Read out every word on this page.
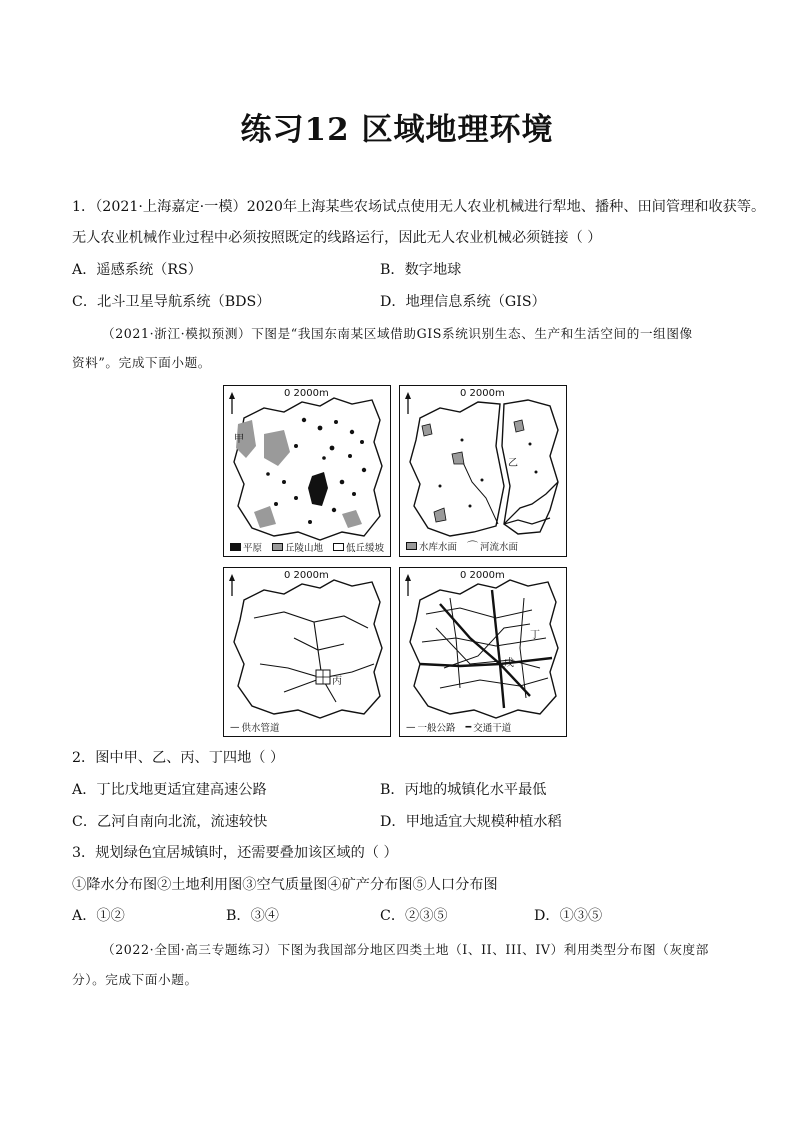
练习12 区域地理环境
1．（2021·上海嘉定·一模）2020年上海某些农场试点使用无人农业机械进行犁地、播种、田间管理和收获等。
无人农业机械作业过程中必须按照既定的线路运行，因此无人农业机械必须链接（ ）
A．遥感系统（RS）	B．数字地球
C．北斗卫星导航系统（BDS）	D．地理信息系统（GIS）
（2021·浙江·模拟预测）下图是“我国东南某区域借助GIS系统识别生态、生产和生活空间的一组图像
资料”。完成下面小题。
0 2000m
甲
平原 丘陵山地 低丘缓坡
0 2000m
乙
水库水面 ⌒ 河流水面
0 2000m
丙
— 供水管道
0 2000m
丁
戊
— 一般公路 ━ 交通干道
2．图中甲、乙、丙、丁四地（ ）
A．丁比戊地更适宜建高速公路	B．丙地的城镇化水平最低
C．乙河自南向北流，流速较快	D．甲地适宜大规模种植水稻
3．规划绿色宜居城镇时，还需要叠加该区域的（ ）
①降水分布图②土地利用图③空气质量图④矿产分布图⑤人口分布图
A．①②	B．③④	C．②③⑤	D．①③⑤
（2022·全国·高三专题练习）下图为我国部分地区四类土地（I、II、III、IV）利用类型分布图（灰度部
分）。完成下面小题。
